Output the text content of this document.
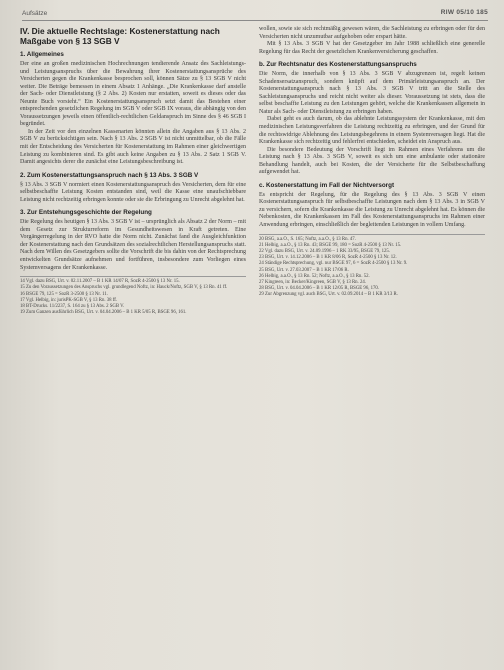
Aufsätze	RIW 05/10 185
IV. Die aktuelle Rechtslage: Kostenerstattung nach Maßgabe von § 13 SGB V
1. Allgemeines

Der eine an großen medizinischen Hochrechnungen tendierende Ansatz des Sachleistungs- und Leistungsanspruchs über die Bewahrung ihrer Kostenerstattungsansprüche des Versicherten gegen die Krankenkasse besprochen soll, können Sätze zu § 13 SGB V nicht weiter. Die Beträge bemessen in einem Absatz 1 Anhänge. „Die Krankenkasse darf anstelle der Sach- oder Dienstleistung (§ 2 Abs. 2) Kosten nur erstatten, soweit es dieses oder das Neunte Buch vorsieht.“ Ein Kostenerstattungsanspruch setzt damit das Bestehen einer entsprechenden gesetzlichen Regelung im SGB V oder SGB IX voraus, die abhängig von den Voraussetzungen jeweils einen öffentlich-rechtlichen Geldanspruch im Sinne des § 46 SGB I begründet.

In der Zeit vor den einzelnen Kassenarten könnten allein die Angaben aus § 13 Abs. 2 SGB V zu berücksichtigen sein. Nach § 13 Abs. 2 SGB V ist nicht unmittelbar, ob die Fälle mit der Entscheidung des Versicherten für Kostenerstattung im Rahmen einer gleichwertigen Leistung zu kombinieren sind. Es gibt auch keine Angaben zu § 13 Abs. 2 Satz 1 SGB V. Damit angesichts derer die zunächst eine Leistungsbeschreibung ist.

2. Zum Kostenerstattungsanspruch nach § 13 Abs. 3 SGB V

§ 13 Abs. 3 SGB V normiert einen Kostenerstattungsanspruch des Versicherten, dem für eine selbstbeschaffte Leistung Kosten entstanden sind, weil die Kasse eine unaufschiebbare Leistung nicht rechtzeitig erbringen konnte oder sie die Erbringung zu Unrecht abgelehnt hat.

3. Zur Entstehungsgeschichte der Regelung

Die Regelung des heutigen § 13 Abs. 3 SGB V ist – ursprünglich als Absatz 2 der Norm – mit dem Gesetz zur Strukturreform im Gesundheitswesen in Kraft getreten. Eine Vorgängerregelung in der RVO hatte die Norm nicht. Zunächst fand die Ausgleichfunktion der Kostenerstattung nach den Grundsätzen des sozialrechtlichen Herstellungsanspruchs statt. Nach dem Willen des Gesetzgebers sollte die Vorschrift die bis dahin von der Rechtsprechung entwickelten Grundsätze aufnehmen und fortführen, insbesondere zum Vorliegen eines Systemversagens der Krankenkasse.

14 Vgl. dazu BSG, Urt. v. 02.11.2007 – B 1 KR 14/07 R, SozR 4-2500 § 13 Nr. 15.
15 Zu den Voraussetzungen des Anspruchs vgl. grundlegend Noftz, in: Hauck/Noftz, SGB V, § 13 Rn. 41 ff.
16 BSGE 79, 125 = SozR 3-2500 § 13 Nr. 11.
17 Vgl. Helbig, in: jurisPK-SGB V, § 13 Rn. 38 ff.
18 BT-Drucks. 11/2237, S. 164 zu § 13 Abs. 2 SGB V.
19 Zum Ganzen ausführlich BSG, Urt. v. 04.04.2006 – B 1 KR 5/05 R, BSGE 96, 161.

wollen, sowie sie sich rechtmäßig gewesen wären, die Sachleistung zu erbringen oder für den Versicherten nicht unzumutbar aufgehoben oder erspart hätte.

Mit § 13 Abs. 3 SGB V hat der Gesetzgeber im Jahr 1988 schließlich eine generelle Regelung für das Recht der gesetzlichen Krankenversicherung geschaffen.

b. Zur Rechtsnatur des Kostenerstattungsanspruchs

Die Norm, die innerhalb von § 13 Abs. 3 SGB V abzugrenzen ist, regelt keinen Schadensersatzanspruch, sondern knüpft auf dem Primärleistungsanspruch an. Der Kostenerstattungsanspruch nach § 13 Abs. 3 SGB V tritt an die Stelle des Sachleistungsanspruchs und reicht nicht weiter als dieser. Voraussetzung ist stets, dass die selbst beschaffte Leistung zu den Leistungen gehört, welche die Krankenkassen allgemein in Natur als Sach- oder Dienstleistung zu erbringen haben.

Dabei geht es auch darum, ob das ablehnte Leistungssystem der Krankenkasse, mit den medizinischen Leistungsverfahren die Leistung rechtzeitig zu erbringen, und der Grund für die rechtswidrige Ablehnung des Leistungsbegehrens in einem Systemversagen liegt. Hat die Krankenkasse sich rechtzeitig und fehlerfrei entschieden, scheidet ein Anspruch aus.

Die besondere Bedeutung der Vorschrift liegt im Rahmen eines Verfahrens um die Leistung nach § 13 Abs. 3 SGB V, soweit es sich um eine ambulante oder stationäre Behandlung handelt, auch bei Kosten, die der Versicherte für die Selbstbeschaffung aufgewendet hat.

c. Kostenerstattung im Fall der Nichtversorgt

Es entspricht der Regelung, für die Regelung des § 13 Abs. 3 SGB V einen Kostenerstattungsanspruch für selbstbeschaffte Leistungen nach dem § 13 Abs. 3 in SGB V zu versichern, sofern die Krankenkasse die Leistung zu Unrecht abgelehnt hat. Es können die Nebenkosten, die Krankenkassen im Fall des Kostenerstattungsanspruchs im Rahmen einer Anwendung erbringen, einschließlich der begleitenden Leistungen in vollem Umfang.

20 BSG, a.a.O., S. 165; Noftz, a.a.O., § 13 Rn. 47.
21 Helbig, a.a.O., § 13 Rn. 43; BSGE 99, 180 = SozR 4-2500 § 13 Nr. 15.
22 Vgl. dazu BSG, Urt. v. 24.09.1996 – 1 RK 33/95, BSGE 79, 125.
23 BSG, Urt. v. 14.12.2006 – B 1 KR 8/06 R, SozR 4-2500 § 13 Nr. 12.
24 Ständige Rechtsprechung, vgl. nur BSGE 97, 6 = SozR 4-2500 § 13 Nr. 9.
25 BSG, Urt. v. 27.03.2007 – B 1 KR 17/06 R.
26 Helbig, a.a.O., § 13 Rn. 52; Noftz, a.a.O., § 13 Rn. 52.
27 Kingreen, in: Becker/Kingreen, SGB V, § 13 Rn. 24.
28 BSG, Urt. v. 04.04.2006 – B 1 KR 12/05 R, BSGE 96, 170.
29 Zur Abgrenzung vgl. auch BSG, Urt. v. 02.09.2014 – B 1 KR 3/13 R.
